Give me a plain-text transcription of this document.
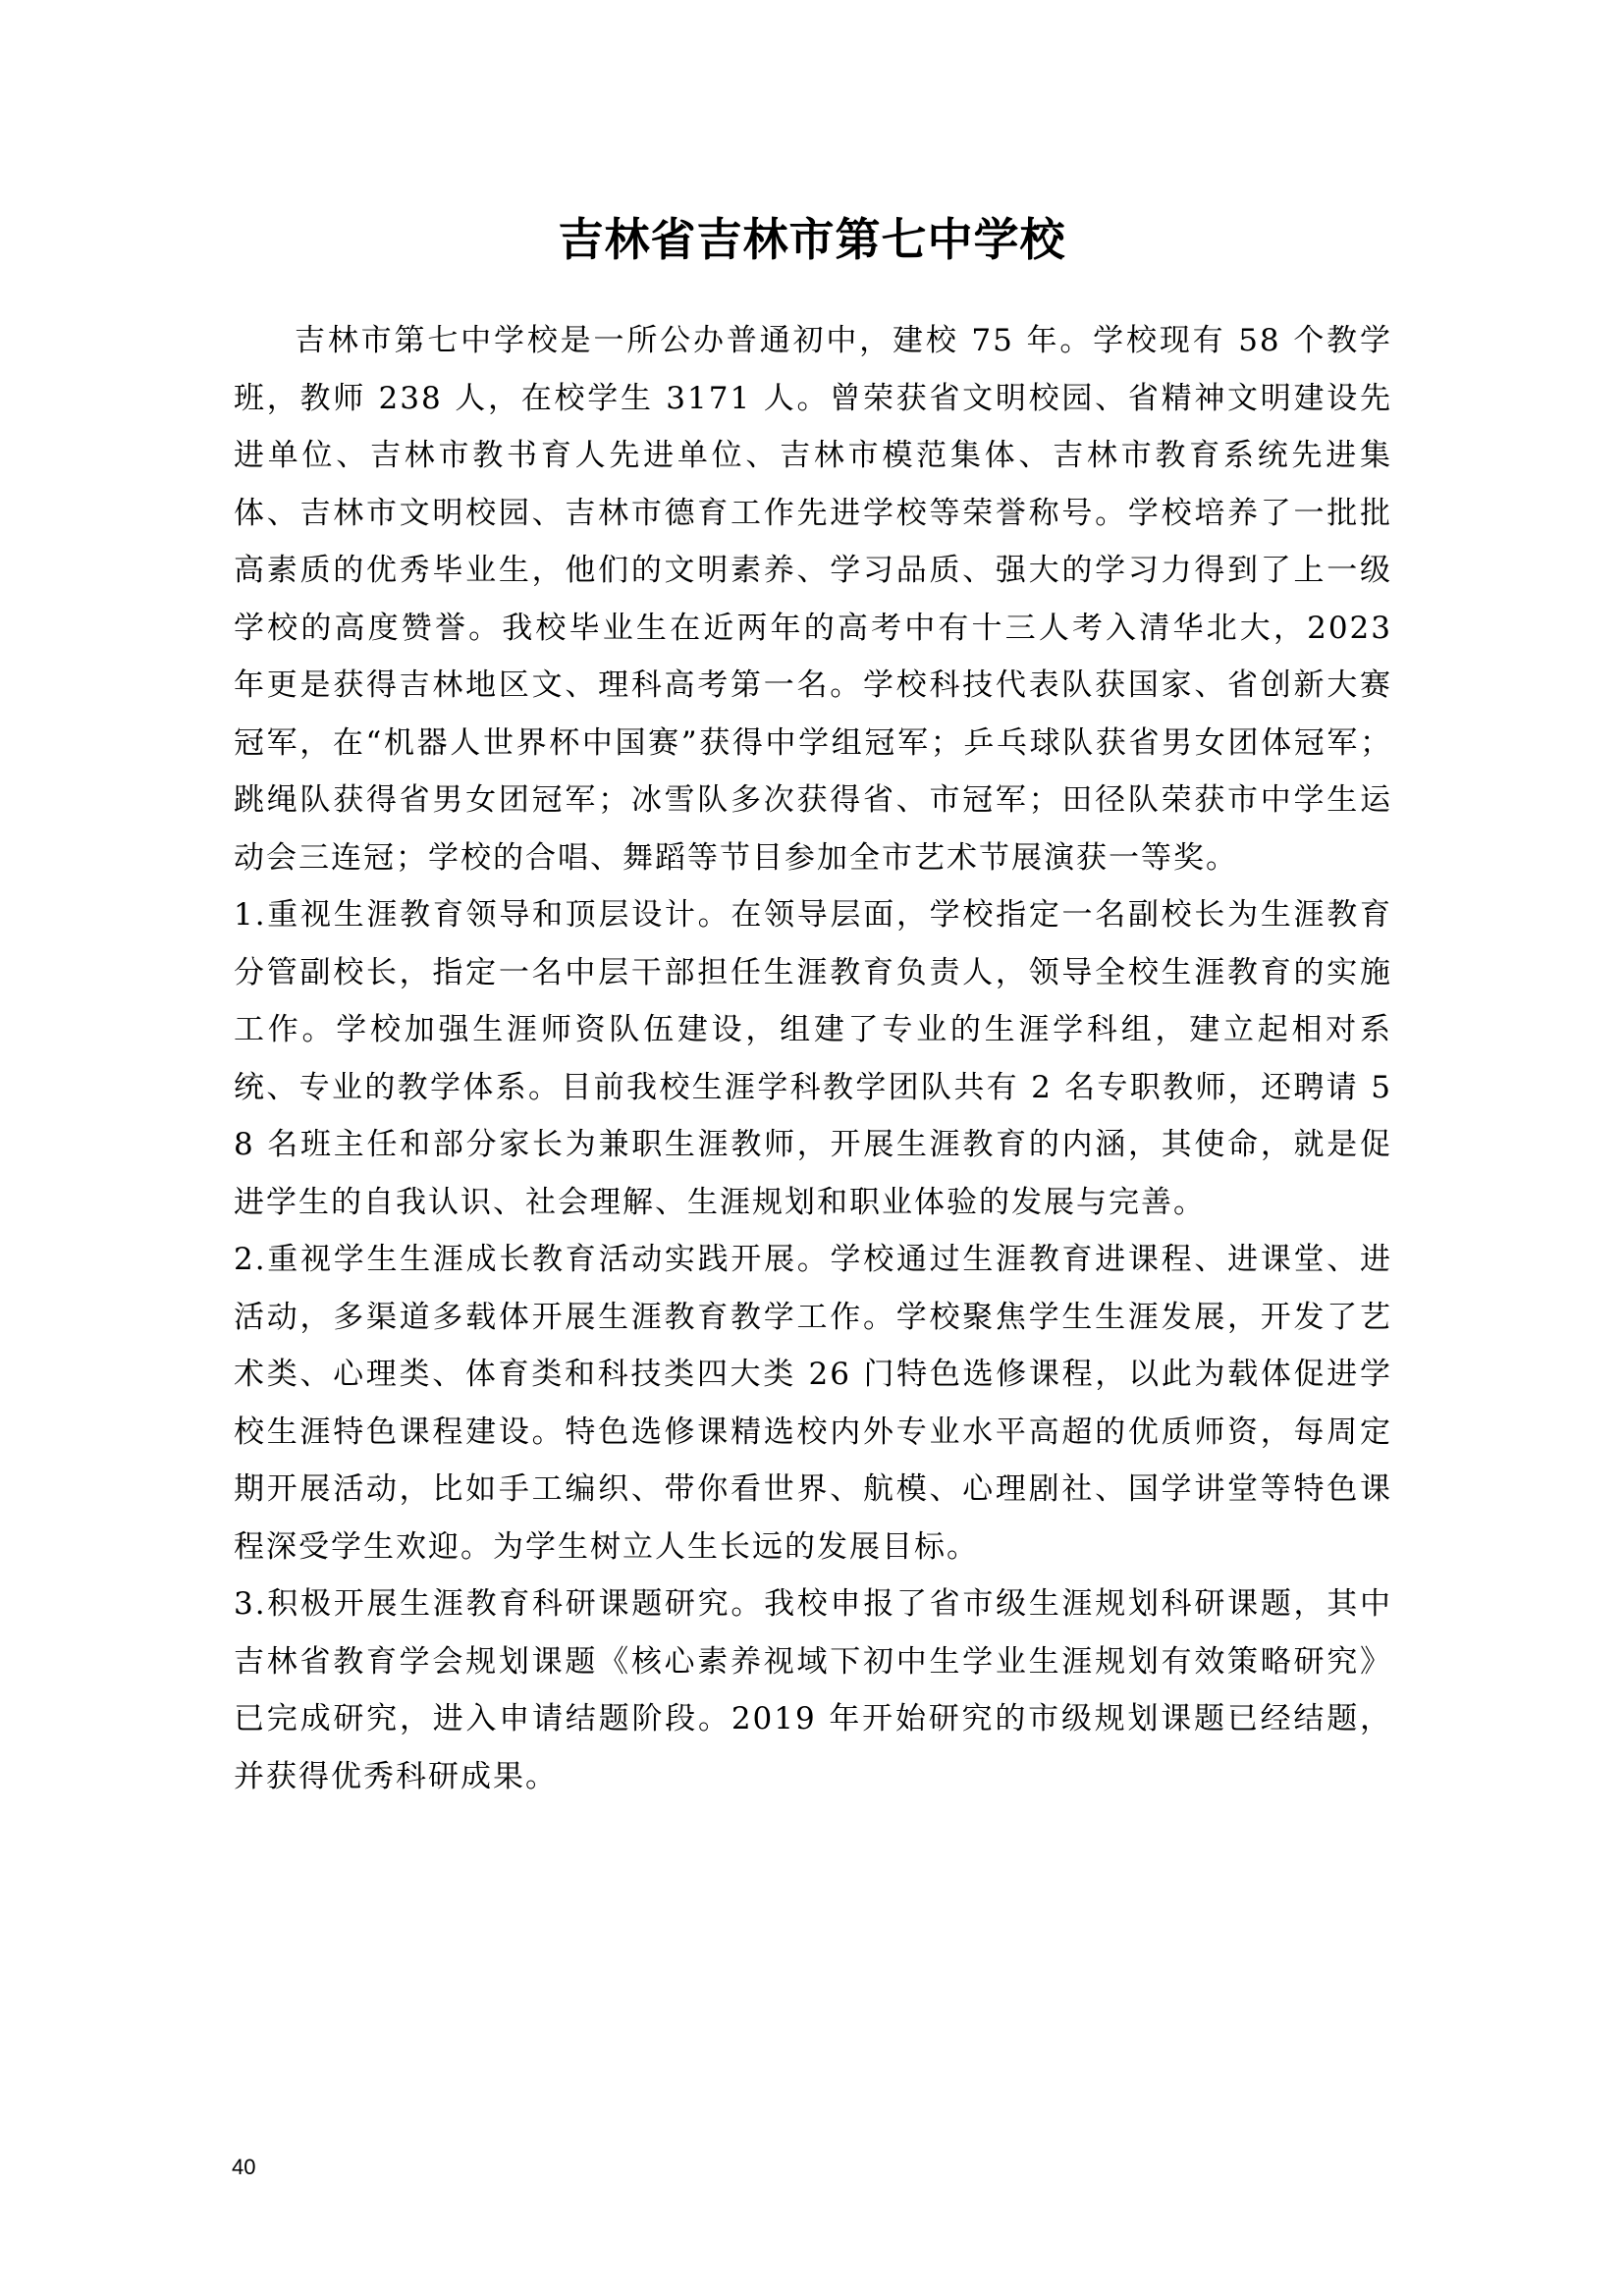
吉林省吉林市第七中学校

吉林市第七中学校是一所公办普通初中，建校 75 年。学校现有 58 个教学班，教师 238 人，在校学生 3171 人。曾荣获省文明校园、省精神文明建设先进单位、吉林市教书育人先进单位、吉林市模范集体、吉林市教育系统先进集体、吉林市文明校园、吉林市德育工作先进学校等荣誉称号。学校培养了一批批高素质的优秀毕业生，他们的文明素养、学习品质、强大的学习力得到了上一级学校的高度赞誉。我校毕业生在近两年的高考中有十三人考入清华北大，2023 年更是获得吉林地区文、理科高考第一名。学校科技代表队获国家、省创新大赛冠军，在“机器人世界杯中国赛”获得中学组冠军；乒乓球队获省男女团体冠军；跳绳队获得省男女团冠军；冰雪队多次获得省、市冠军；田径队荣获市中学生运动会三连冠；学校的合唱、舞蹈等节目参加全市艺术节展演获一等奖。

1.重视生涯教育领导和顶层设计。在领导层面，学校指定一名副校长为生涯教育分管副校长，指定一名中层干部担任生涯教育负责人，领导全校生涯教育的实施工作。学校加强生涯师资队伍建设，组建了专业的生涯学科组，建立起相对系统、专业的教学体系。目前我校生涯学科教学团队共有 2 名专职教师，还聘请 58 名班主任和部分家长为兼职生涯教师，开展生涯教育的内涵，其使命，就是促进学生的自我认识、社会理解、生涯规划和职业体验的发展与完善。

2.重视学生生涯成长教育活动实践开展。学校通过生涯教育进课程、进课堂、进活动，多渠道多载体开展生涯教育教学工作。学校聚焦学生生涯发展，开发了艺术类、心理类、体育类和科技类四大类 26 门特色选修课程，以此为载体促进学校生涯特色课程建设。特色选修课精选校内外专业水平高超的优质师资，每周定期开展活动，比如手工编织、带你看世界、航模、心理剧社、国学讲堂等特色课程深受学生欢迎。为学生树立人生长远的发展目标。

3.积极开展生涯教育科研课题研究。我校申报了省市级生涯规划科研课题，其中吉林省教育学会规划课题《核心素养视域下初中生学业生涯规划有效策略研究》已完成研究，进入申请结题阶段。2019 年开始研究的市级规划课题已经结题，并获得优秀科研成果。

40
